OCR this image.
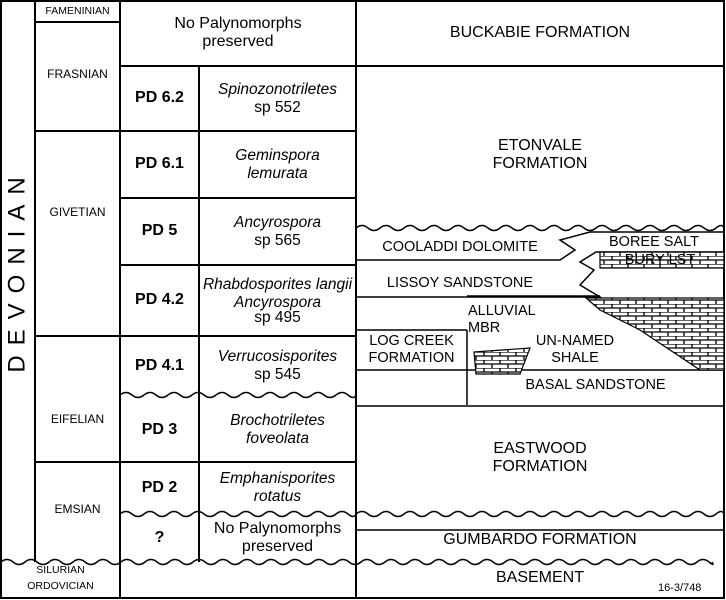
DEVONIAN
FAMENINIAN
FRASNIAN
GIVETIAN
EIFELIAN
EMSIAN
SILURIAN
ORDOVICIAN
No Palynomorphs preserved
PD 6.2
Spinozonotriletes
sp 552
PD 6.1
Geminspora
lemurata
PD 5
Ancyrospora
sp 565
PD 4.2
Rhabdosporites langii Ancyrospora
sp 495
PD 4.1
Verrucosisporites
sp 545
PD 3
Brochotriletes
foveolata
PD 2
Emphanisporites
rotatus
?	No Palynomorphs preserved
BUCKABIE FORMATION
ETONVALE FORMATION
COOLADDI DOLOMITE	BOREE SALT
BURY LST
LISSOY SANDSTONE
LOG CREEK FORMATION
ALLUVIAL MBR
UN-NAMED SHALE
BASAL SANDSTONE
EASTWOOD FORMATION
GUMBARDO FORMATION
BASEMENT
16-3/748
